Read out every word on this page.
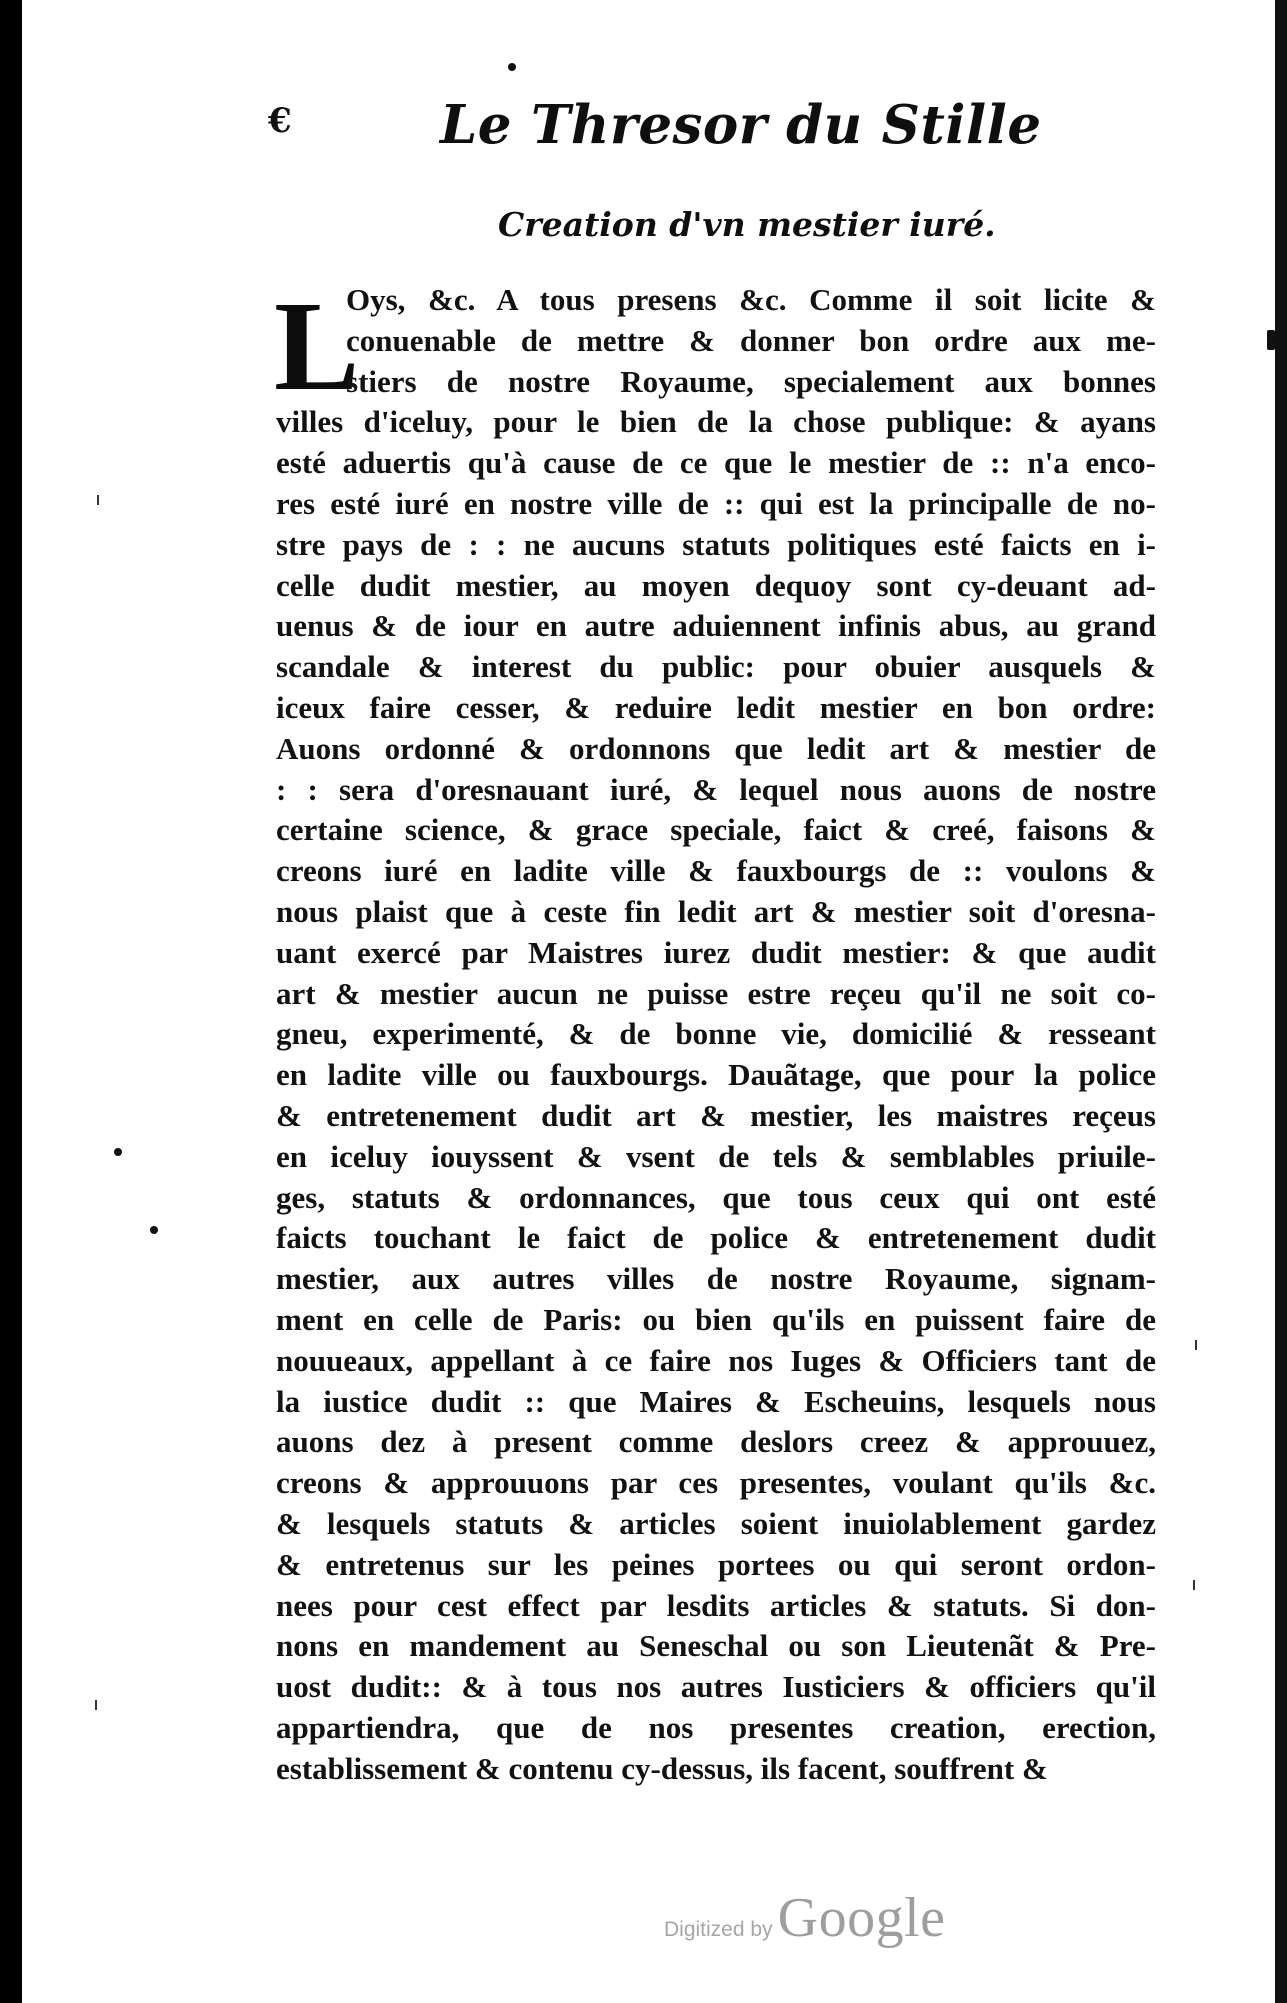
€	Le Thresor du Stille
Creation d'vn mestier iuré.
L
Oys, &c. A tous presens &c. Comme il soit licite &
conuenable de mettre & donner bon ordre aux me-
stiers de nostre Royaume, specialement aux bonnes
villes d'iceluy, pour le bien de la chose publique: & ayans
esté aduertis qu'à cause de ce que le mestier de :: n'a enco-
res esté iuré en nostre ville de :: qui est la principalle de no-
stre pays de : : ne aucuns statuts politiques esté faicts en i-
celle dudit mestier, au moyen dequoy sont cy-deuant ad-
uenus & de iour en autre aduiennent infinis abus, au grand
scandale & interest du public: pour obuier ausquels &
iceux faire cesser, & reduire ledit mestier en bon ordre:
Auons ordonné & ordonnons que ledit art & mestier de
: : sera d'oresnauant iuré, & lequel nous auons de nostre
certaine science, & grace speciale, faict & creé, faisons &
creons iuré en ladite ville & fauxbourgs de :: voulons &
nous plaist que à ceste fin ledit art & mestier soit d'oresna-
uant exercé par Maistres iurez dudit mestier: & que audit
art & mestier aucun ne puisse estre reçeu qu'il ne soit co-
gneu, experimenté, & de bonne vie, domicilié & resseant
en ladite ville ou fauxbourgs. Dauãtage, que pour la police
& entretenement dudit art & mestier, les maistres reçeus
en iceluy iouyssent & vsent de tels & semblables priuile-
ges, statuts & ordonnances, que tous ceux qui ont esté
faicts touchant le faict de police & entretenement dudit
mestier, aux autres villes de nostre Royaume, signam-
ment en celle de Paris: ou bien qu'ils en puissent faire de
nouueaux, appellant à ce faire nos Iuges & Officiers tant de
la iustice dudit :: que Maires & Escheuins, lesquels nous
auons dez à present comme deslors creez & approuuez,
creons & approuuons par ces presentes, voulant qu'ils &c.
& lesquels statuts & articles soient inuiolablement gardez
& entretenus sur les peines portees ou qui seront ordon-
nees pour cest effect par lesdits articles & statuts. Si don-
nons en mandement au Seneschal ou son Lieutenãt & Pre-
uost dudit:: & à tous nos autres Iusticiers & officiers qu'il
appartiendra, que de nos presentes creation, erection,
establissement & contenu cy-dessus, ils facent, souffrent &
Digitized by Google
